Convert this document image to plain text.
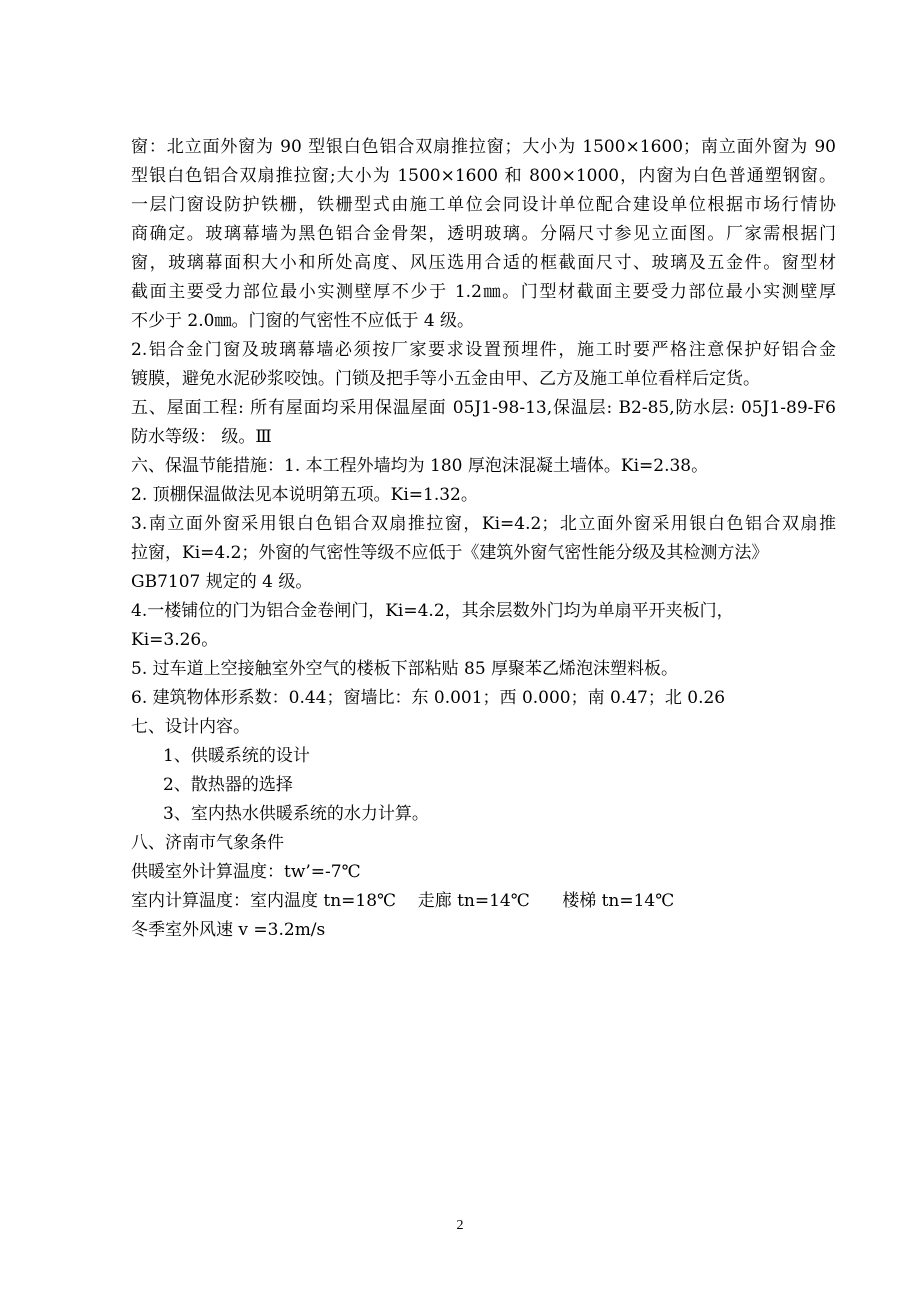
窗：北立面外窗为 90 型银白色铝合双扇推拉窗；大小为 1500×1600；南立面外窗为 90
型银白色铝合双扇推拉窗;大小为 1500×1600 和 800×1000，内窗为白色普通塑钢窗。
一层门窗设防护铁栅，铁栅型式由施工单位会同设计单位配合建设单位根据市场行情协
商确定。玻璃幕墙为黑色铝合金骨架，透明玻璃。分隔尺寸参见立面图。厂家需根据门
窗，玻璃幕面积大小和所处高度、风压选用合适的框截面尺寸、玻璃及五金件。窗型材
截面主要受力部位最小实测壁厚不少于 1.2㎜。门型材截面主要受力部位最小实测壁厚
不少于 2.0㎜。门窗的气密性不应低于 4 级。
2.铝合金门窗及玻璃幕墙必须按厂家要求设置预埋件，施工时要严格注意保护好铝合金
镀膜，避免水泥砂浆咬蚀。门锁及把手等小五金由甲、乙方及施工单位看样后定货。
五、屋面工程: 所有屋面均采用保温屋面 05J1-98-13,保温层: B2-85,防水层: 05J1-89-F6
防水等级： 级。Ⅲ
六、保温节能措施：1. 本工程外墙均为 180 厚泡沫混凝土墙体。Ki=2.38。
2. 顶棚保温做法见本说明第五项。Ki=1.32。
3.南立面外窗采用银白色铝合双扇推拉窗，Ki=4.2；北立面外窗采用银白色铝合双扇推
拉窗，Ki=4.2；外窗的气密性等级不应低于《建筑外窗气密性能分级及其检测方法》
GB7107 规定的 4 级。
4.一楼铺位的门为铝合金卷闸门，Ki=4.2，其余层数外门均为单扇平开夹板门，
Ki=3.26。
5. 过车道上空接触室外空气的楼板下部粘贴 85 厚聚苯乙烯泡沫塑料板。
6. 建筑物体形系数：0.44；窗墙比：东 0.001；西 0.000；南 0.47；北 0.26
七、设计内容。
1、供暖系统的设计
2、散热器的选择
3、室内热水供暖系统的水力计算。
八、济南市气象条件
供暖室外计算温度：tw’=-7℃
室内计算温度：室内温度 tn=18℃    走廊 tn=14℃      楼梯 tn=14℃
冬季室外风速 v =3.2m/s
2
